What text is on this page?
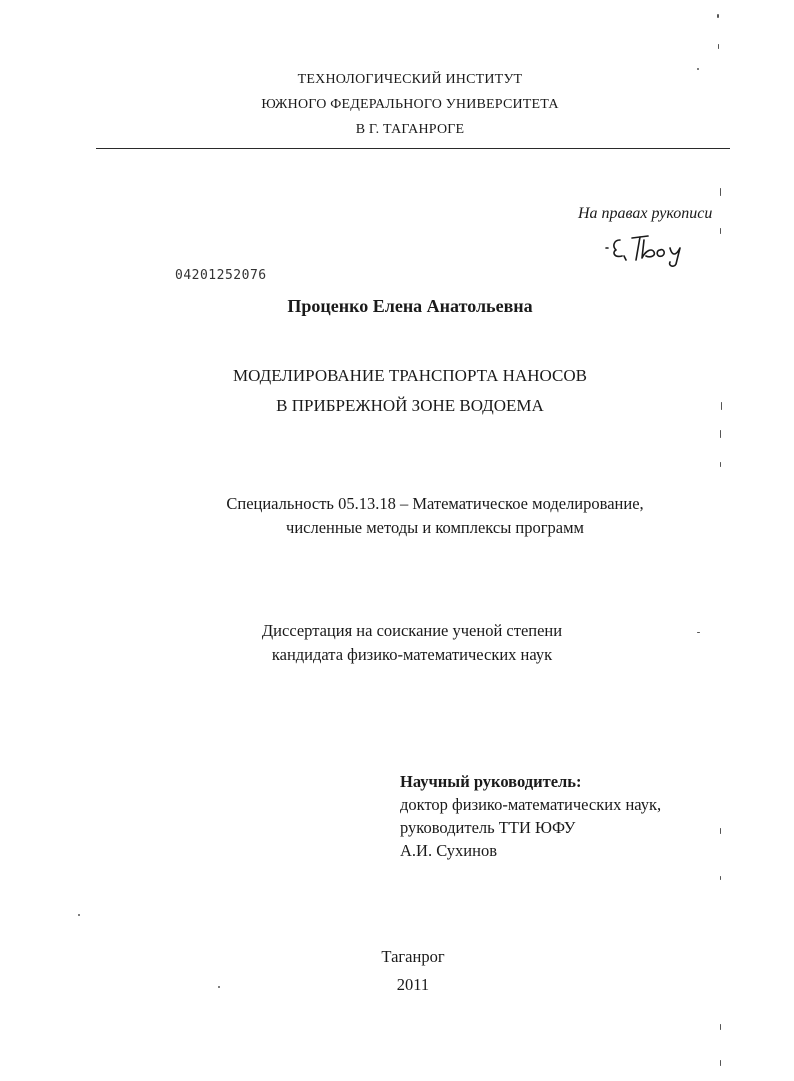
ТЕХНОЛОГИЧЕСКИЙ ИНСТИТУТ
ЮЖНОГО ФЕДЕРАЛЬНОГО УНИВЕРСИТЕТА
В Г. ТАГАНРОГЕ
На правах рукописи
04201252076
Проценко Елена Анатольевна
МОДЕЛИРОВАНИЕ ТРАНСПОРТА НАНОСОВ
В ПРИБРЕЖНОЙ ЗОНЕ ВОДОЕМА
Специальность 05.13.18 – Математическое моделирование,
численные методы и комплексы программ
Диссертация на соискание ученой степени
кандидата физико-математических наук
Научный руководитель:
доктор физико-математических наук,
руководитель ТТИ ЮФУ
А.И. Сухинов
Таганрог
2011
